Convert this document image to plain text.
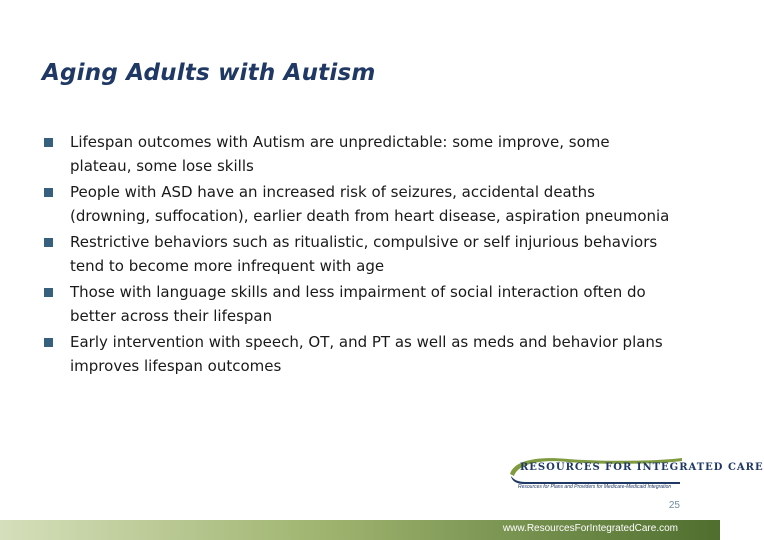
Aging Adults with Autism
Lifespan outcomes with Autism are unpredictable: some improve, some plateau, some lose skills
People with ASD have an increased risk of seizures, accidental deaths (drowning, suffocation), earlier death from heart disease, aspiration pneumonia
Restrictive behaviors such as ritualistic, compulsive or self injurious behaviors tend to become more infrequent with age
Those with language skills and less impairment of social interaction often do better across their lifespan
Early intervention with speech, OT, and PT as well as meds and behavior plans improves lifespan outcomes
RESOURCES FOR INTEGRATED CARE
Resources for Plans and Providers for Medicare-Medicaid Integration
25
www.ResourcesForIntegratedCare.com
